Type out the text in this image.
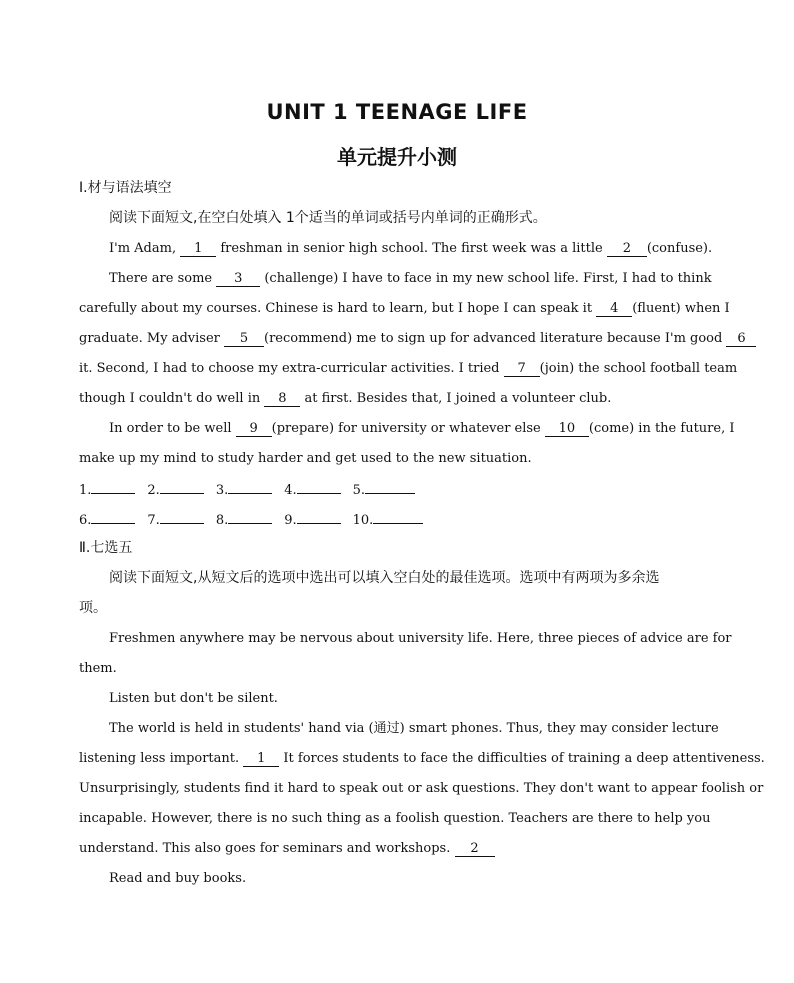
UNIT 1 TEENAGE LIFE
单元提升小测
Ⅰ.材与语法填空
阅读下面短文,在空白处填入 1个适当的单词或括号内单词的正确形式。
I'm Adam, 1 freshman in senior high school. The first week was a little 2 (confuse).
There are some 3 (challenge) I have to face in my new school life. First, I had to think
carefully about my courses. Chinese is hard to learn, but I hope I can speak it 4 (fluent) when I
graduate. My adviser 5 (recommend) me to sign up for advanced literature because I'm good 6
it. Second, I had to choose my extra-curricular activities. I tried 7 (join) the school football team
though I couldn't do well in 8 at first. Besides that, I joined a volunteer club.
In order to be well 9 (prepare) for university or whatever else 10 (come) in the future, I
make up my mind to study harder and get used to the new situation.
1.	2.	3.	4.	5.
6.	7.	8.	9.	10.
Ⅱ.七选五
阅读下面短文,从短文后的选项中选出可以填入空白处的最佳选项。选项中有两项为多余选
项。
Freshmen anywhere may be nervous about university life. Here, three pieces of advice are for
them.
Listen but don't be silent.
The world is held in students' hand via (通过) smart phones. Thus, they may consider lecture
listening less important. 1 It forces students to face the difficulties of training a deep attentiveness.
Unsurprisingly, students find it hard to speak out or ask questions. They don't want to appear foolish or
incapable. However, there is no such thing as a foolish question. Teachers are there to help you
understand. This also goes for seminars and workshops. 2
Read and buy books.
